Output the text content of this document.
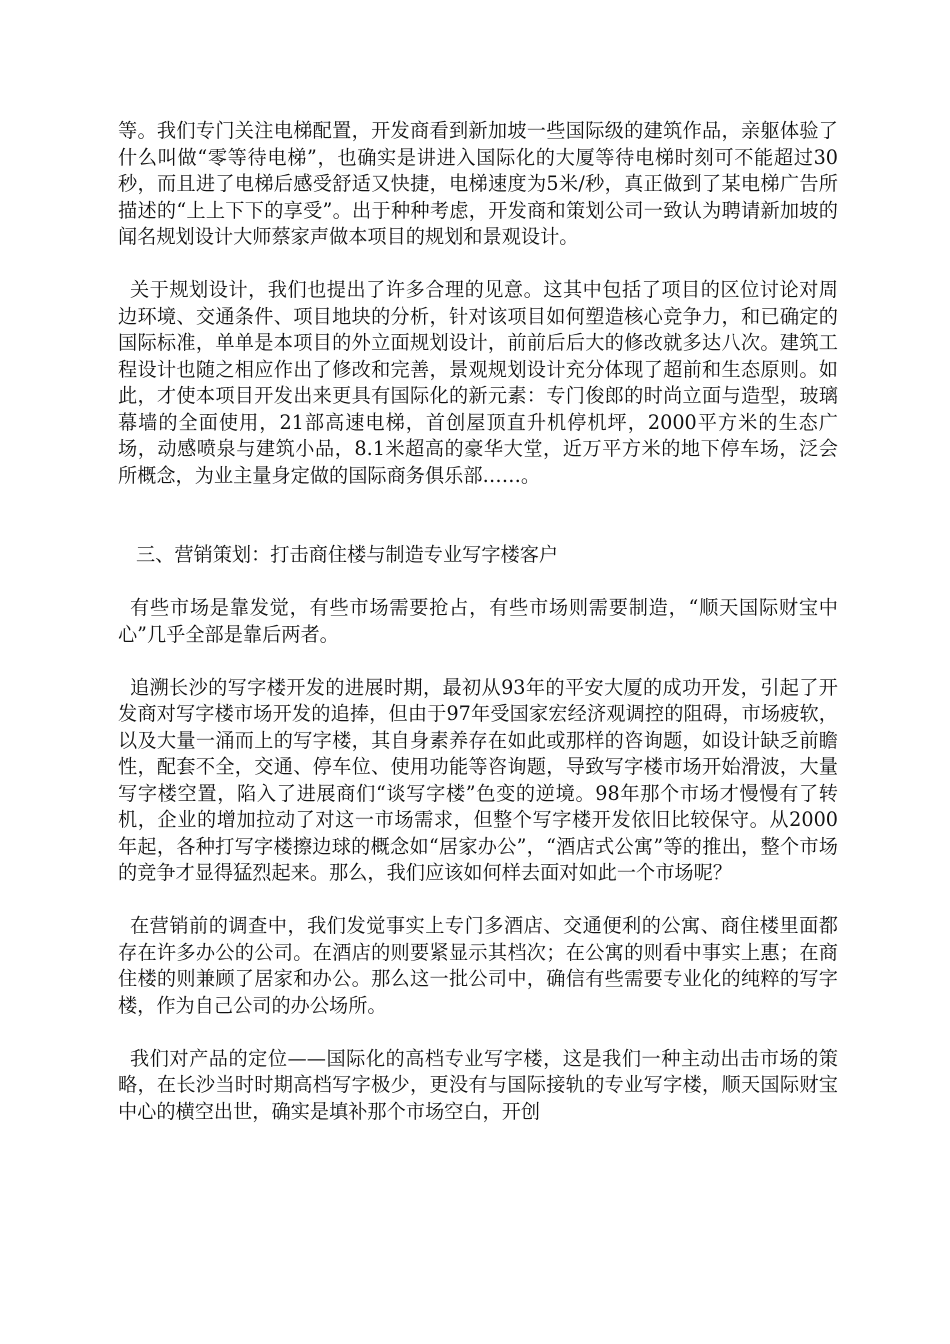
等。我们专门关注电梯配置，开发商看到新加坡一些国际级的建筑作品，亲躯体验了什么叫做“零等待电梯”，也确实是讲进入国际化的大厦等待电梯时刻可不能超过30秒，而且进了电梯后感受舒适又快捷，电梯速度为5米/秒，真正做到了某电梯广告所描述的“上上下下的享受”。出于种种考虑，开发商和策划公司一致认为聘请新加坡的闻名规划设计大师蔡家声做本项目的规划和景观设计。

关于规划设计，我们也提出了许多合理的见意。这其中包括了项目的区位讨论对周边环境、交通条件、项目地块的分析，针对该项目如何塑造核心竞争力，和已确定的国际标准，单单是本项目的外立面规划设计，前前后后大的修改就多达八次。建筑工程设计也随之相应作出了修改和完善，景观规划设计充分体现了超前和生态原则。如此，才使本项目开发出来更具有国际化的新元素：专门俊郎的时尚立面与造型，玻璃幕墙的全面使用，21部高速电梯，首创屋顶直升机停机坪，2000平方米的生态广场，动感喷泉与建筑小品，8.1米超高的豪华大堂，近万平方米的地下停车场，泛会所概念，为业主量身定做的国际商务俱乐部……。

三、营销策划：打击商住楼与制造专业写字楼客户

有些市场是靠发觉，有些市场需要抢占，有些市场则需要制造，“顺天国际财宝中心”几乎全部是靠后两者。

追溯长沙的写字楼开发的进展时期，最初从93年的平安大厦的成功开发，引起了开发商对写字楼市场开发的追捧，但由于97年受国家宏经济观调控的阻碍，市场疲软，以及大量一涌而上的写字楼，其自身素养存在如此或那样的咨询题，如设计缺乏前瞻性，配套不全，交通、停车位、使用功能等咨询题，导致写字楼市场开始滑波，大量写字楼空置，陷入了进展商们“谈写字楼”色变的逆境。98年那个市场才慢慢有了转机，企业的增加拉动了对这一市场需求，但整个写字楼开发依旧比较保守。从2000年起，各种打写字楼擦边球的概念如“居家办公”，“酒店式公寓”等的推出，整个市场的竞争才显得猛烈起来。那么，我们应该如何样去面对如此一个市场呢？

在营销前的调查中，我们发觉事实上专门多酒店、交通便利的公寓、商住楼里面都存在许多办公的公司。在酒店的则要紧显示其档次；在公寓的则看中事实上惠；在商住楼的则兼顾了居家和办公。那么这一批公司中，确信有些需要专业化的纯粹的写字楼，作为自己公司的办公场所。

我们对产品的定位——国际化的高档专业写字楼，这是我们一种主动出击市场的策略，在长沙当时时期高档写字极少，更没有与国际接轨的专业写字楼，顺天国际财宝中心的横空出世，确实是填补那个市场空白，开创
